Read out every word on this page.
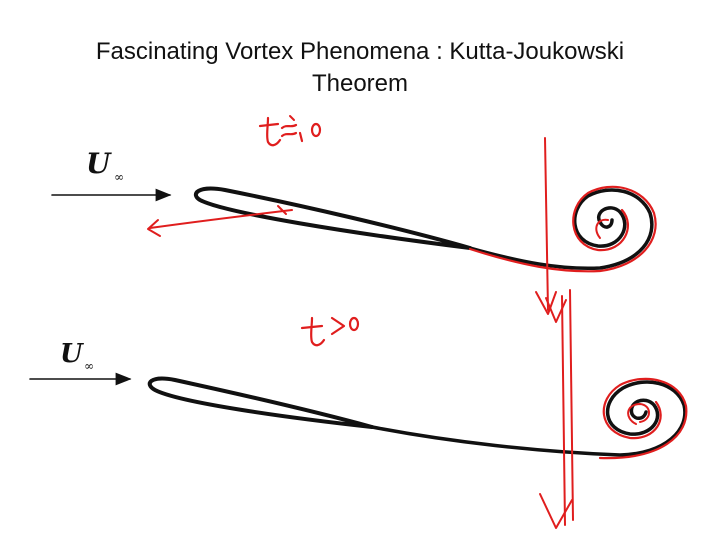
Fascinating Vortex Phenomena : Kutta-Joukowski
Theorem
U ∞
U ∞
